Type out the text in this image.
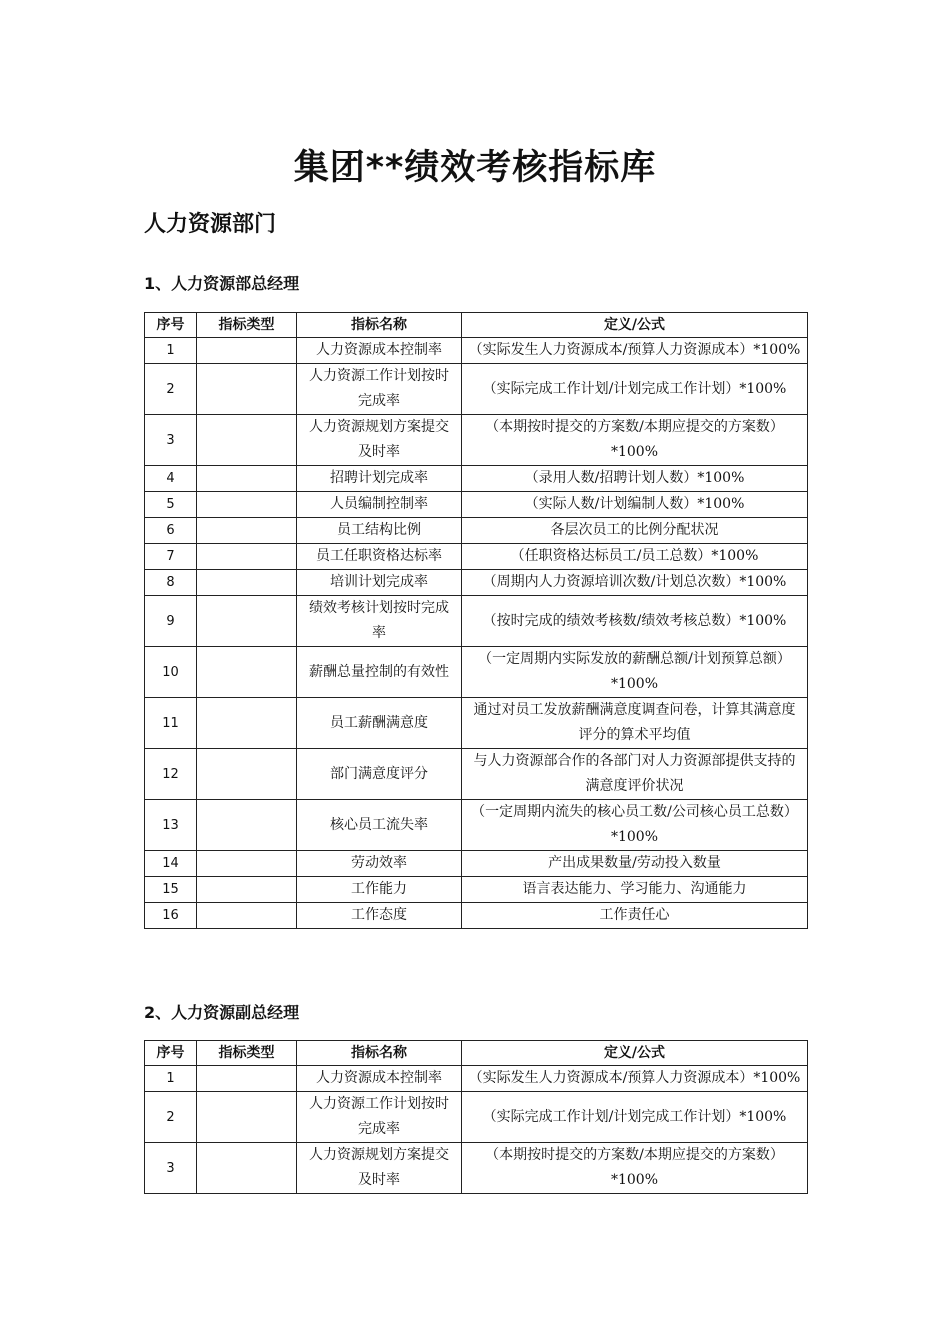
集团**绩效考核指标库
人力资源部门
1、人力资源部总经理
序号	指标类型	指标名称	定义/公式
1		人力资源成本控制率	（实际发生人力资源成本/预算人力资源成本）*100%
2		人力资源工作计划按时完成率	（实际完成工作计划/计划完成工作计划）*100%
3		人力资源规划方案提交及时率	（本期按时提交的方案数/本期应提交的方案数）*100%
4		招聘计划完成率	（录用人数/招聘计划人数）*100%
5		人员编制控制率	（实际人数/计划编制人数）*100%
6		员工结构比例	各层次员工的比例分配状况
7		员工任职资格达标率	（任职资格达标员工/员工总数）*100%
8		培训计划完成率	（周期内人力资源培训次数/计划总次数）*100%
9		绩效考核计划按时完成率	（按时完成的绩效考核数/绩效考核总数）*100%
10		薪酬总量控制的有效性	（一定周期内实际发放的薪酬总额/计划预算总额）*100%
11		员工薪酬满意度	通过对员工发放薪酬满意度调查问卷，计算其满意度评分的算术平均值
12		部门满意度评分	与人力资源部合作的各部门对人力资源部提供支持的满意度评价状况
13		核心员工流失率	（一定周期内流失的核心员工数/公司核心员工总数）*100%
14		劳动效率	产出成果数量/劳动投入数量
15		工作能力	语言表达能力、学习能力、沟通能力
16		工作态度	工作责任心
2、人力资源副总经理
序号	指标类型	指标名称	定义/公式
1		人力资源成本控制率	（实际发生人力资源成本/预算人力资源成本）*100%
2		人力资源工作计划按时完成率	（实际完成工作计划/计划完成工作计划）*100%
3		人力资源规划方案提交及时率	（本期按时提交的方案数/本期应提交的方案数）*100%
